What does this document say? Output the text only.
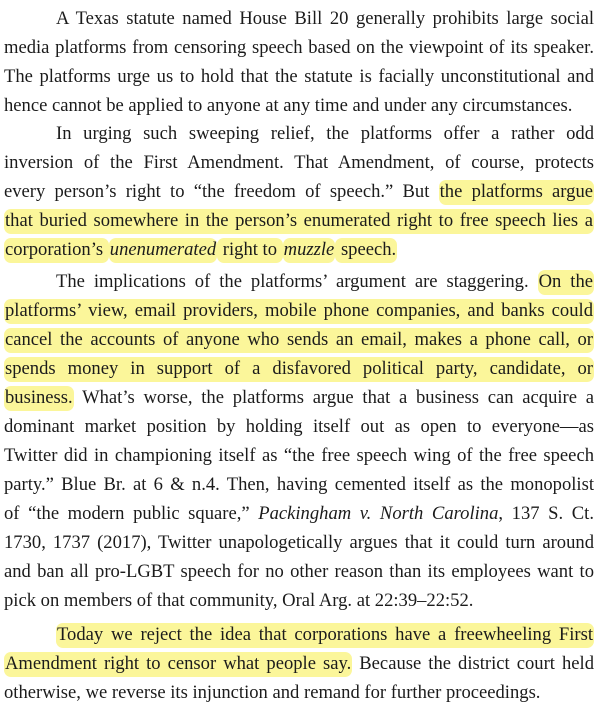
A Texas statute named House Bill 20 generally prohibits large social
media platforms from censoring speech based on the viewpoint of its speaker.
The platforms urge us to hold that the statute is facially unconstitutional and
hence cannot be applied to anyone at any time and under any circumstances.
In urging such sweeping relief, the platforms offer a rather odd
inversion of the First Amendment. That Amendment, of course, protects
every person’s right to “the freedom of speech.” But the platforms argue
that buried somewhere in the person’s enumerated right to free speech lies a
corporation’s unenumerated right to muzzle speech.
The implications of the platforms’ argument are staggering. On the
platforms’ view, email providers, mobile phone companies, and banks could
cancel the accounts of anyone who sends an email, makes a phone call, or
spends money in support of a disfavored political party, candidate, or
business. What’s worse, the platforms argue that a business can acquire a
dominant market position by holding itself out as open to everyone—as
Twitter did in championing itself as “the free speech wing of the free speech
party.” Blue Br. at 6 & n.4. Then, having cemented itself as the monopolist
of “the modern public square,” Packingham v. North Carolina, 137 S. Ct.
1730, 1737 (2017), Twitter unapologetically argues that it could turn around
and ban all pro-LGBT speech for no other reason than its employees want to
pick on members of that community, Oral Arg. at 22:39–22:52.
Today we reject the idea that corporations have a freewheeling First
Amendment right to censor what people say. Because the district court held
otherwise, we reverse its injunction and remand for further proceedings.
